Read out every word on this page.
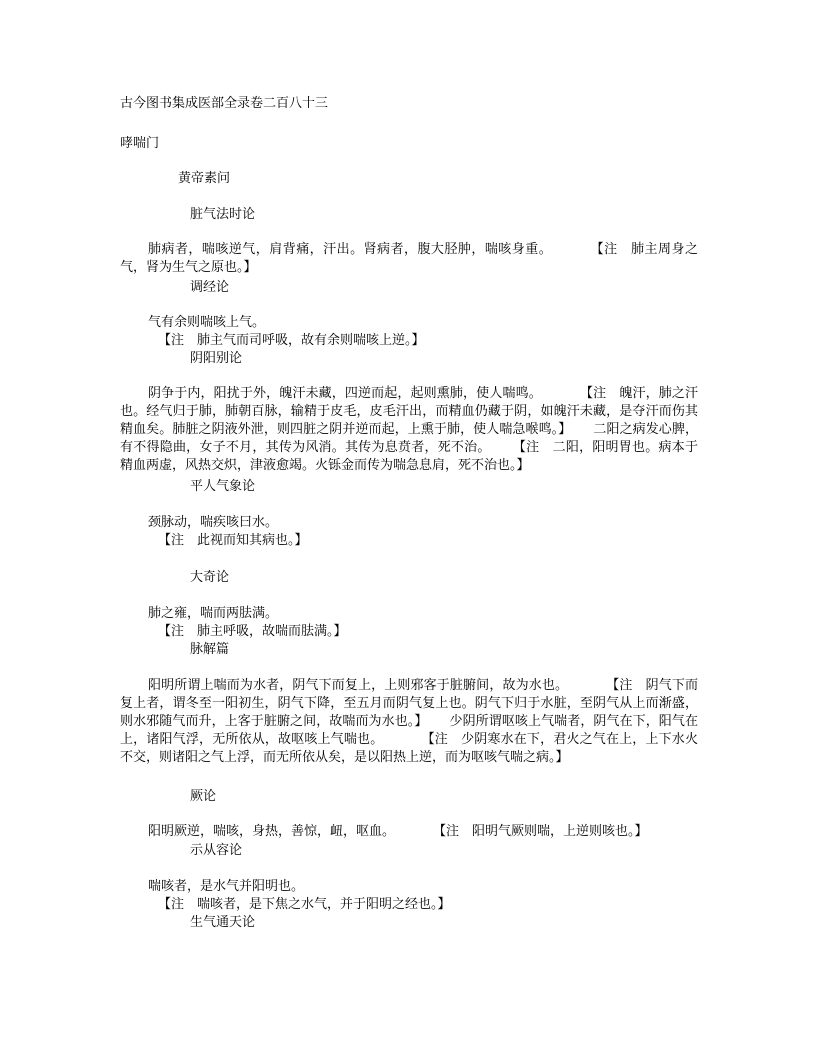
古今图书集成医部全录卷二百八十三

哮喘门

黄帝素问

脏气法时论

肺病者，喘咳逆气，肩背痛，汗出。肾病者，腹大胫肿，喘咳身重。	【注　肺主周身之气，肾为生气之原也。】

调经论

气有余则喘咳上气。

【注　肺主气而司呼吸，故有余则喘咳上逆。】

阴阳别论

阴争于内，阳扰于外，魄汗未藏，四逆而起，起则熏肺，使人喘鸣。	【注　魄汗，肺之汗也。经气归于肺，肺朝百脉，输精于皮毛，皮毛汗出，而精血仍藏于阴，如魄汗未藏，是夺汗而伤其精血矣。肺脏之阴液外泄，则四脏之阴并逆而起，上熏于肺，使人喘急喉鸣。】 二阳之病发心脾，有不得隐曲，女子不月，其传为风消。其传为息贲者，死不治。 【注　二阳，阳明胃也。病本于精血两虚，风热交炽，津液愈竭。火铄金而传为喘急息肩，死不治也。】

平人气象论

颈脉动，喘疾咳曰水。

【注　此视而知其病也。】

大奇论

肺之雍，喘而两胠满。

【注　肺主呼吸，故喘而胠满。】

脉解篇

阳明所谓上喘而为水者，阴气下而复上，上则邪客于脏腑间，故为水也。	【注　阴气下而复上者，谓冬至一阳初生，阴气下降，至五月而阴气复上也。阴气下归于水脏，至阴气从上而渐盛，则水邪随气而升，上客于脏腑之间，故喘而为水也。】 少阴所谓呕咳上气喘者，阴气在下，阳气在上，诸阳气浮，无所依从，故呕咳上气喘也。	【注　少阴寒水在下，君火之气在上，上下水火不交，则诸阳之气上浮，而无所依从矣，是以阳热上逆，而为呕咳气喘之病。】

厥论

阳明厥逆，喘咳，身热，善惊，衄，呕血。	【注　阳明气厥则喘，上逆则咳也。】

示从容论

喘咳者，是水气并阳明也。

【注　喘咳者，是下焦之水气，并于阳明之经也。】

生气通天论
